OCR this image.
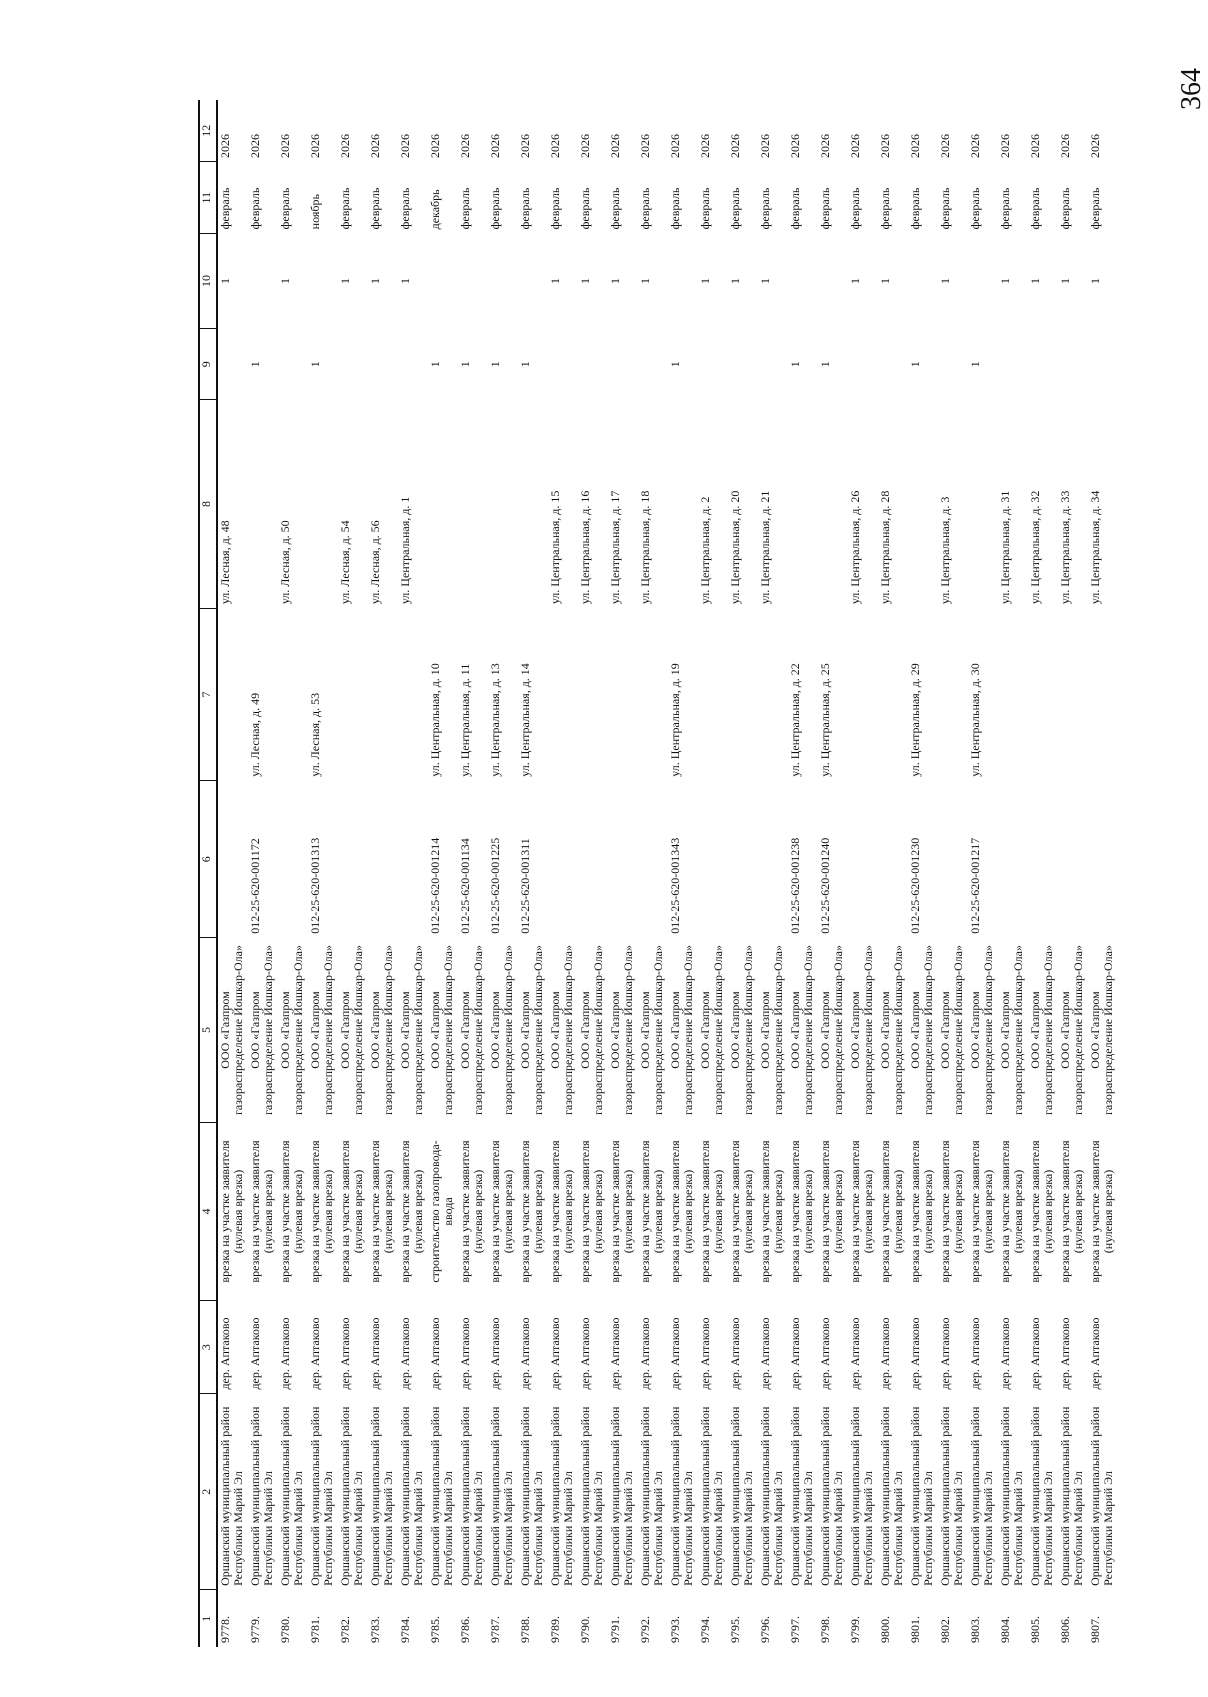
364
1	2	3	4	5	6	7	8	9	10	11	12
9778.	Оршанский муниципальный район Республики Марий Эл	дер. Аптаково	врезка на участке заявителя (нулевая врезка)	ООО «Газпром газораспределение Йошкар-Ола»			ул. Лесная, д. 48		1	февраль	2026
9779.	Оршанский муниципальный район Республики Марий Эл	дер. Аптаково	врезка на участке заявителя (нулевая врезка)	ООО «Газпром газораспределение Йошкар-Ола»	012-25-620-001172	ул. Лесная, д. 49		1		февраль	2026
9780.	Оршанский муниципальный район Республики Марий Эл	дер. Аптаково	врезка на участке заявителя (нулевая врезка)	ООО «Газпром газораспределение Йошкар-Ола»			ул. Лесная, д. 50		1	февраль	2026
9781.	Оршанский муниципальный район Республики Марий Эл	дер. Аптаково	врезка на участке заявителя (нулевая врезка)	ООО «Газпром газораспределение Йошкар-Ола»	012-25-620-001313	ул. Лесная, д. 53		1		ноябрь	2026
9782.	Оршанский муниципальный район Республики Марий Эл	дер. Аптаково	врезка на участке заявителя (нулевая врезка)	ООО «Газпром газораспределение Йошкар-Ола»			ул. Лесная, д. 54		1	февраль	2026
9783.	Оршанский муниципальный район Республики Марий Эл	дер. Аптаково	врезка на участке заявителя (нулевая врезка)	ООО «Газпром газораспределение Йошкар-Ола»			ул. Лесная, д. 56		1	февраль	2026
9784.	Оршанский муниципальный район Республики Марий Эл	дер. Аптаково	врезка на участке заявителя (нулевая врезка)	ООО «Газпром газораспределение Йошкар-Ола»			ул. Центральная, д. 1		1	февраль	2026
9785.	Оршанский муниципальный район Республики Марий Эл	дер. Аптаково	строительство газопровода-ввода	ООО «Газпром газораспределение Йошкар-Ола»	012-25-620-001214	ул. Центральная, д. 10		1		декабрь	2026
9786.	Оршанский муниципальный район Республики Марий Эл	дер. Аптаково	врезка на участке заявителя (нулевая врезка)	ООО «Газпром газораспределение Йошкар-Ола»	012-25-620-001134	ул. Центральная, д. 11		1		февраль	2026
9787.	Оршанский муниципальный район Республики Марий Эл	дер. Аптаково	врезка на участке заявителя (нулевая врезка)	ООО «Газпром газораспределение Йошкар-Ола»	012-25-620-001225	ул. Центральная, д. 13		1		февраль	2026
9788.	Оршанский муниципальный район Республики Марий Эл	дер. Аптаково	врезка на участке заявителя (нулевая врезка)	ООО «Газпром газораспределение Йошкар-Ола»	012-25-620-001311	ул. Центральная, д. 14		1		февраль	2026
9789.	Оршанский муниципальный район Республики Марий Эл	дер. Аптаково	врезка на участке заявителя (нулевая врезка)	ООО «Газпром газораспределение Йошкар-Ола»			ул. Центральная, д. 15		1	февраль	2026
9790.	Оршанский муниципальный район Республики Марий Эл	дер. Аптаково	врезка на участке заявителя (нулевая врезка)	ООО «Газпром газораспределение Йошкар-Ола»			ул. Центральная, д. 16		1	февраль	2026
9791.	Оршанский муниципальный район Республики Марий Эл	дер. Аптаково	врезка на участке заявителя (нулевая врезка)	ООО «Газпром газораспределение Йошкар-Ола»			ул. Центральная, д. 17		1	февраль	2026
9792.	Оршанский муниципальный район Республики Марий Эл	дер. Аптаково	врезка на участке заявителя (нулевая врезка)	ООО «Газпром газораспределение Йошкар-Ола»			ул. Центральная, д. 18		1	февраль	2026
9793.	Оршанский муниципальный район Республики Марий Эл	дер. Аптаково	врезка на участке заявителя (нулевая врезка)	ООО «Газпром газораспределение Йошкар-Ола»	012-25-620-001343	ул. Центральная, д. 19		1		февраль	2026
9794.	Оршанский муниципальный район Республики Марий Эл	дер. Аптаково	врезка на участке заявителя (нулевая врезка)	ООО «Газпром газораспределение Йошкар-Ола»			ул. Центральная, д. 2		1	февраль	2026
9795.	Оршанский муниципальный район Республики Марий Эл	дер. Аптаково	врезка на участке заявителя (нулевая врезка)	ООО «Газпром газораспределение Йошкар-Ола»			ул. Центральная, д. 20		1	февраль	2026
9796.	Оршанский муниципальный район Республики Марий Эл	дер. Аптаково	врезка на участке заявителя (нулевая врезка)	ООО «Газпром газораспределение Йошкар-Ола»			ул. Центральная, д. 21		1	февраль	2026
9797.	Оршанский муниципальный район Республики Марий Эл	дер. Аптаково	врезка на участке заявителя (нулевая врезка)	ООО «Газпром газораспределение Йошкар-Ола»	012-25-620-001238	ул. Центральная, д. 22		1		февраль	2026
9798.	Оршанский муниципальный район Республики Марий Эл	дер. Аптаково	врезка на участке заявителя (нулевая врезка)	ООО «Газпром газораспределение Йошкар-Ола»	012-25-620-001240	ул. Центральная, д. 25		1		февраль	2026
9799.	Оршанский муниципальный район Республики Марий Эл	дер. Аптаково	врезка на участке заявителя (нулевая врезка)	ООО «Газпром газораспределение Йошкар-Ола»			ул. Центральная, д. 26		1	февраль	2026
9800.	Оршанский муниципальный район Республики Марий Эл	дер. Аптаково	врезка на участке заявителя (нулевая врезка)	ООО «Газпром газораспределение Йошкар-Ола»			ул. Центральная, д. 28		1	февраль	2026
9801.	Оршанский муниципальный район Республики Марий Эл	дер. Аптаково	врезка на участке заявителя (нулевая врезка)	ООО «Газпром газораспределение Йошкар-Ола»	012-25-620-001230	ул. Центральная, д. 29		1		февраль	2026
9802.	Оршанский муниципальный район Республики Марий Эл	дер. Аптаково	врезка на участке заявителя (нулевая врезка)	ООО «Газпром газораспределение Йошкар-Ола»			ул. Центральная, д. 3		1	февраль	2026
9803.	Оршанский муниципальный район Республики Марий Эл	дер. Аптаково	врезка на участке заявителя (нулевая врезка)	ООО «Газпром газораспределение Йошкар-Ола»	012-25-620-001217	ул. Центральная, д. 30		1		февраль	2026
9804.	Оршанский муниципальный район Республики Марий Эл	дер. Аптаково	врезка на участке заявителя (нулевая врезка)	ООО «Газпром газораспределение Йошкар-Ола»			ул. Центральная, д. 31		1	февраль	2026
9805.	Оршанский муниципальный район Республики Марий Эл	дер. Аптаково	врезка на участке заявителя (нулевая врезка)	ООО «Газпром газораспределение Йошкар-Ола»			ул. Центральная, д. 32		1	февраль	2026
9806.	Оршанский муниципальный район Республики Марий Эл	дер. Аптаково	врезка на участке заявителя (нулевая врезка)	ООО «Газпром газораспределение Йошкар-Ола»			ул. Центральная, д. 33		1	февраль	2026
9807.	Оршанский муниципальный район Республики Марий Эл	дер. Аптаково	врезка на участке заявителя (нулевая врезка)	ООО «Газпром газораспределение Йошкар-Ола»			ул. Центральная, д. 34		1	февраль	2026
